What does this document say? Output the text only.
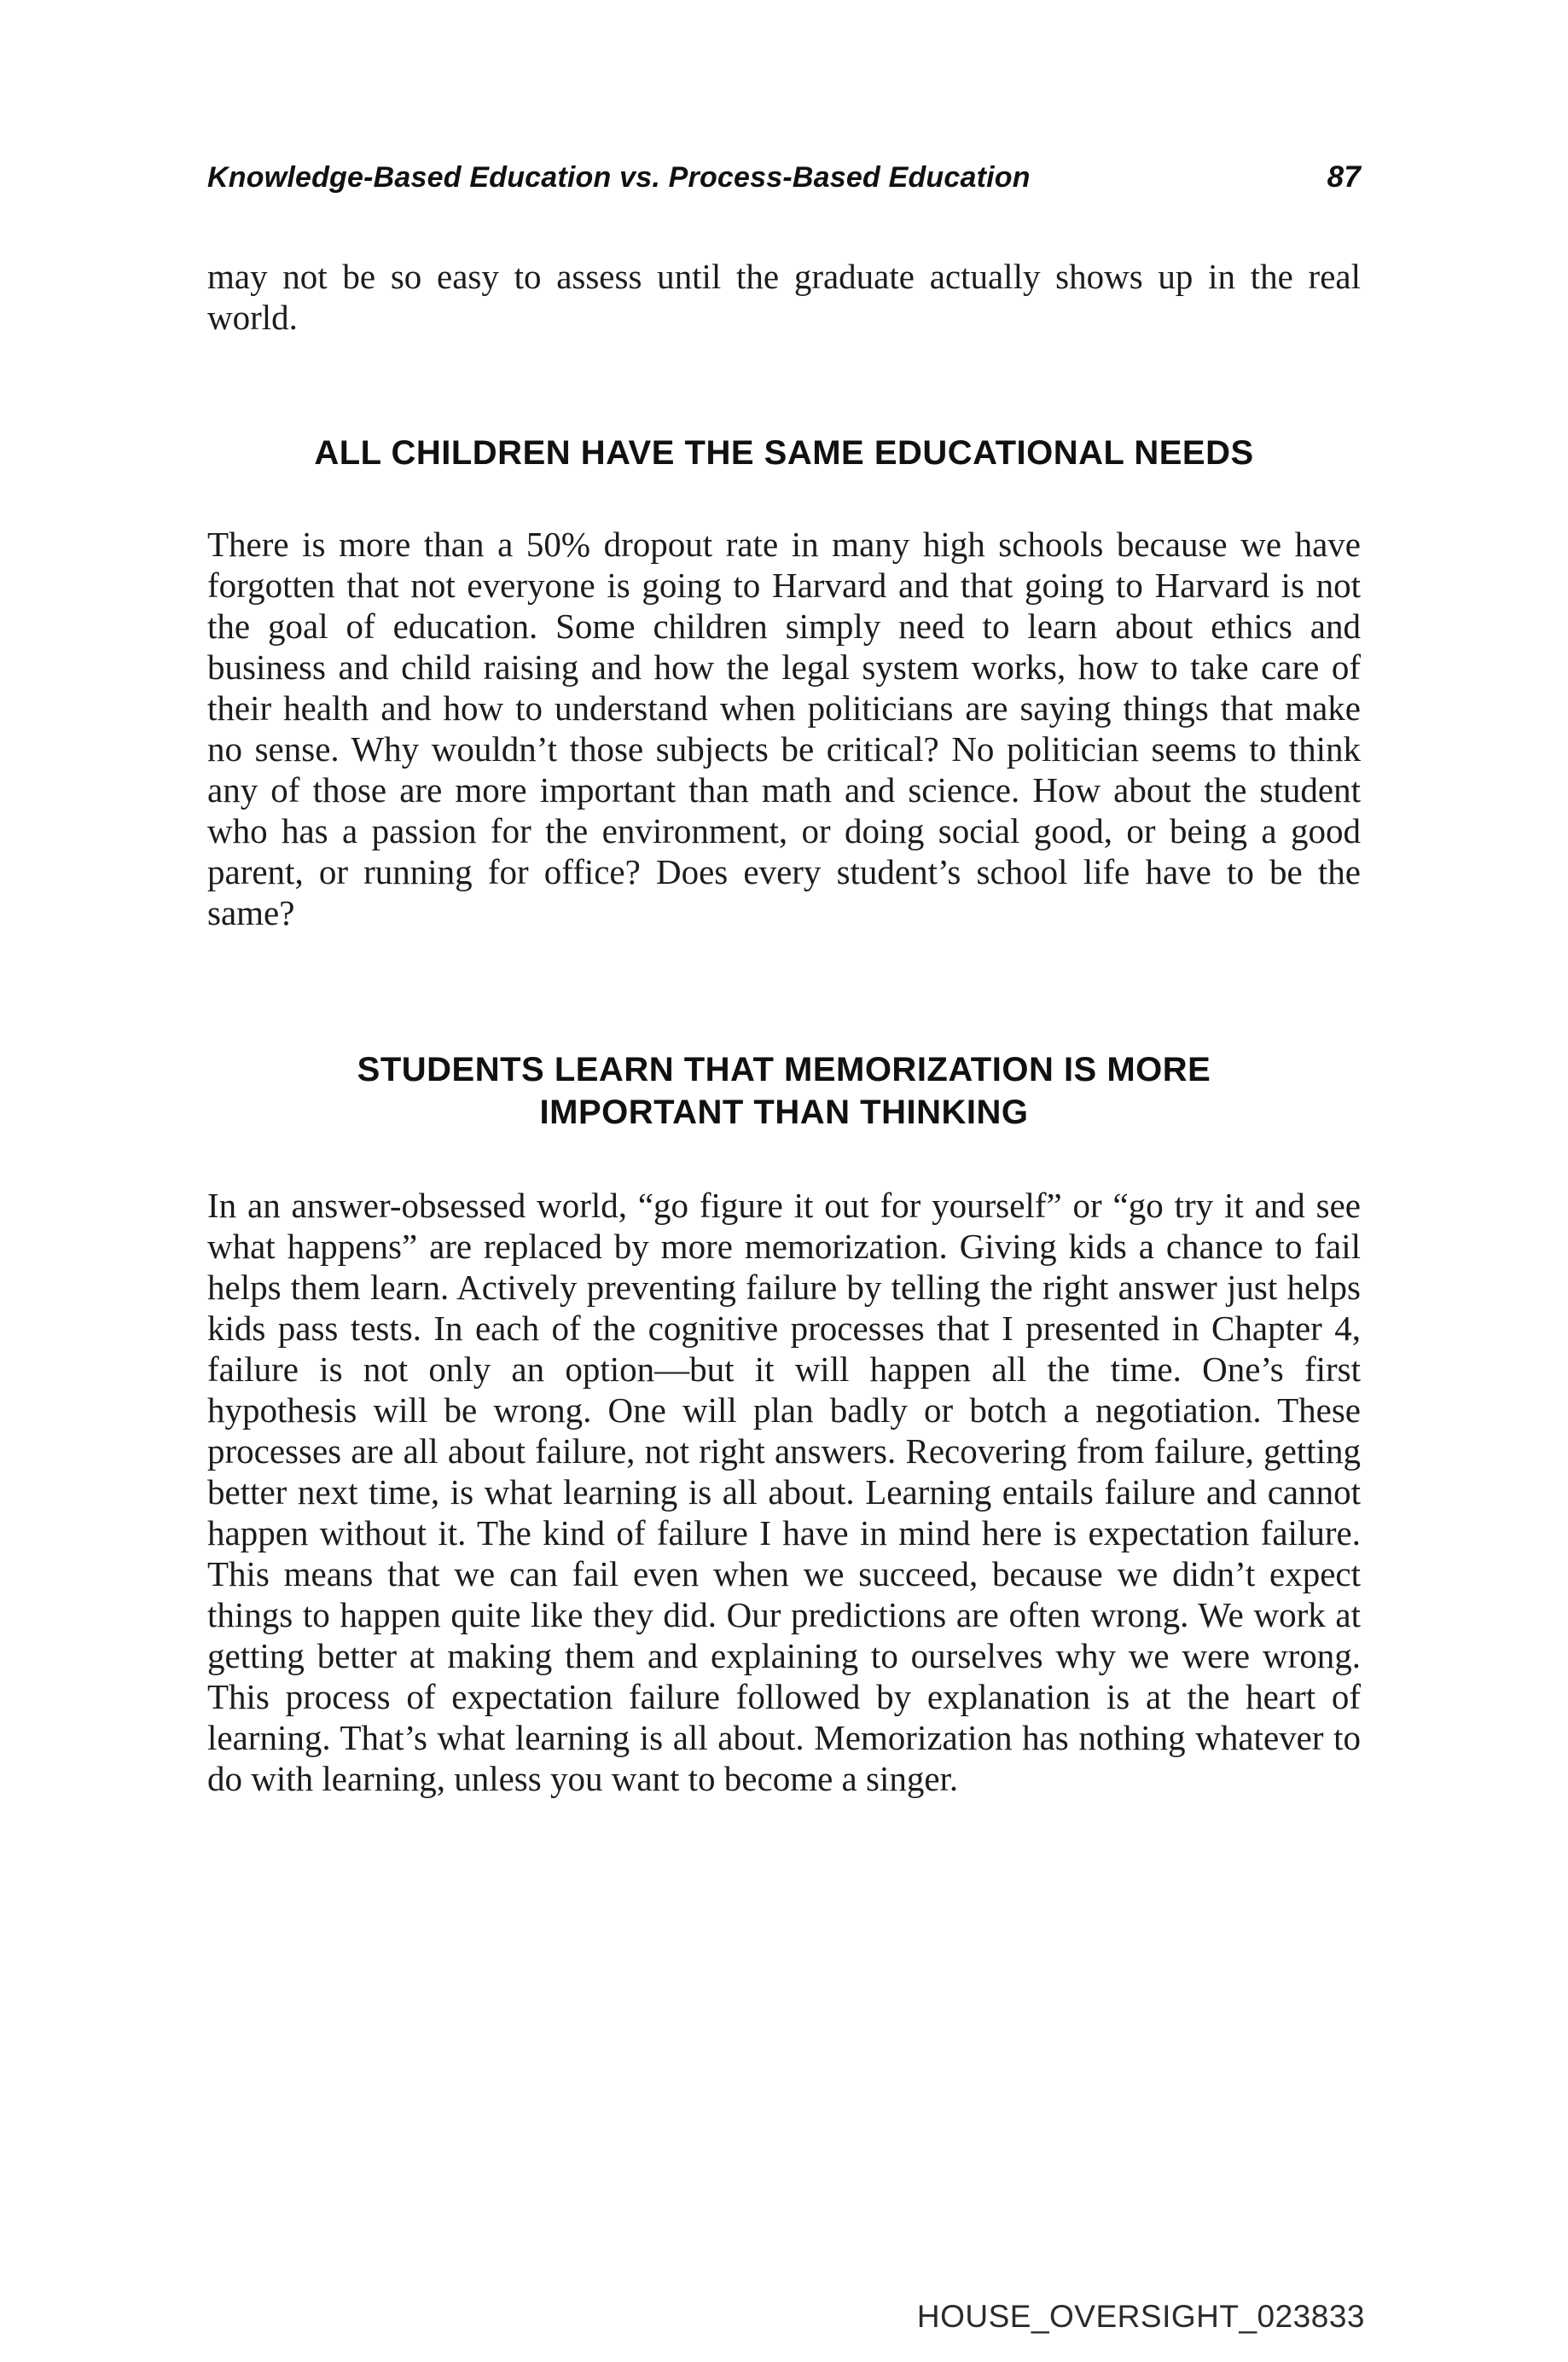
Knowledge-Based Education vs. Process-Based Education	87

may not be so easy to assess until the graduate actually shows up in the real world.

ALL CHILDREN HAVE THE SAME EDUCATIONAL NEEDS

There is more than a 50% dropout rate in many high schools because we have forgotten that not everyone is going to Harvard and that going to Harvard is not the goal of education. Some children simply need to learn about ethics and business and child raising and how the legal system works, how to take care of their health and how to understand when politicians are saying things that make no sense. Why wouldn’t those subjects be critical? No politician seems to think any of those are more important than math and science. How about the student who has a passion for the environment, or doing social good, or being a good parent, or running for office? Does every student’s school life have to be the same?

STUDENTS LEARN THAT MEMORIZATION IS MORE IMPORTANT THAN THINKING

In an answer-obsessed world, “go figure it out for yourself” or “go try it and see what happens” are replaced by more memorization. Giving kids a chance to fail helps them learn. Actively preventing failure by telling the right answer just helps kids pass tests. In each of the cognitive processes that I presented in Chapter 4, failure is not only an option—but it will happen all the time. One’s first hypothesis will be wrong. One will plan badly or botch a negotiation. These processes are all about failure, not right answers. Recovering from failure, getting better next time, is what learning is all about. Learning entails failure and cannot happen without it. The kind of failure I have in mind here is expectation failure. This means that we can fail even when we succeed, because we didn’t expect things to happen quite like they did. Our predictions are often wrong. We work at getting better at making them and explaining to ourselves why we were wrong. This process of expectation failure followed by explanation is at the heart of learning. That’s what learning is all about. Memorization has nothing whatever to do with learning, unless you want to become a singer.

HOUSE_OVERSIGHT_023833
